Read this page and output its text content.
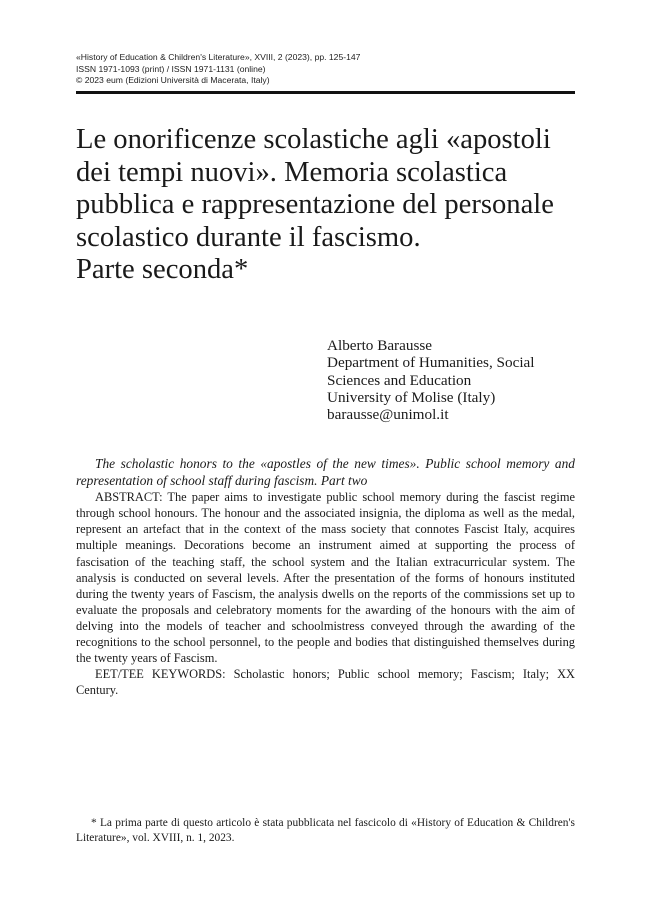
«History of Education & Children's Literature», XVIII, 2 (2023), pp. 125-147
ISSN 1971-1093 (print) / ISSN 1971-1131 (online)
© 2023 eum (Edizioni Università di Macerata, Italy)
Le onorificenze scolastiche agli «apostoli
dei tempi nuovi». Memoria scolastica
pubblica e rappresentazione del personale
scolastico durante il fascismo.
Parte seconda*
Alberto Barausse
Department of Humanities, Social
Sciences and Education
University of Molise (Italy)
barausse@unimol.it

The scholastic honors to the «apostles of the new times». Public school memory and representation of school staff during fascism. Part two

ABSTRACT: The paper aims to investigate public school memory during the fascist regime through school honours. The honour and the associated insignia, the diploma as well as the medal, represent an artefact that in the context of the mass society that connotes Fascist Italy, acquires multiple meanings. Decorations become an instrument aimed at supporting the process of fascisation of the teaching staff, the school system and the Italian extracurricular system. The analysis is conducted on several levels. After the presentation of the forms of honours instituted during the twenty years of Fascism, the analysis dwells on the reports of the commissions set up to evaluate the proposals and celebratory moments for the awarding of the honours with the aim of delving into the models of teacher and schoolmistress conveyed through the awarding of the recognitions to the school personnel, to the people and bodies that distinguished themselves during the twenty years of Fascism.

EET/TEE KEYWORDS: Scholastic honors; Public school memory; Fascism; Italy; XX Century.

* La prima parte di questo articolo è stata pubblicata nel fascicolo di «History of Education & Children's Literature», vol. XVIII, n. 1, 2023.
